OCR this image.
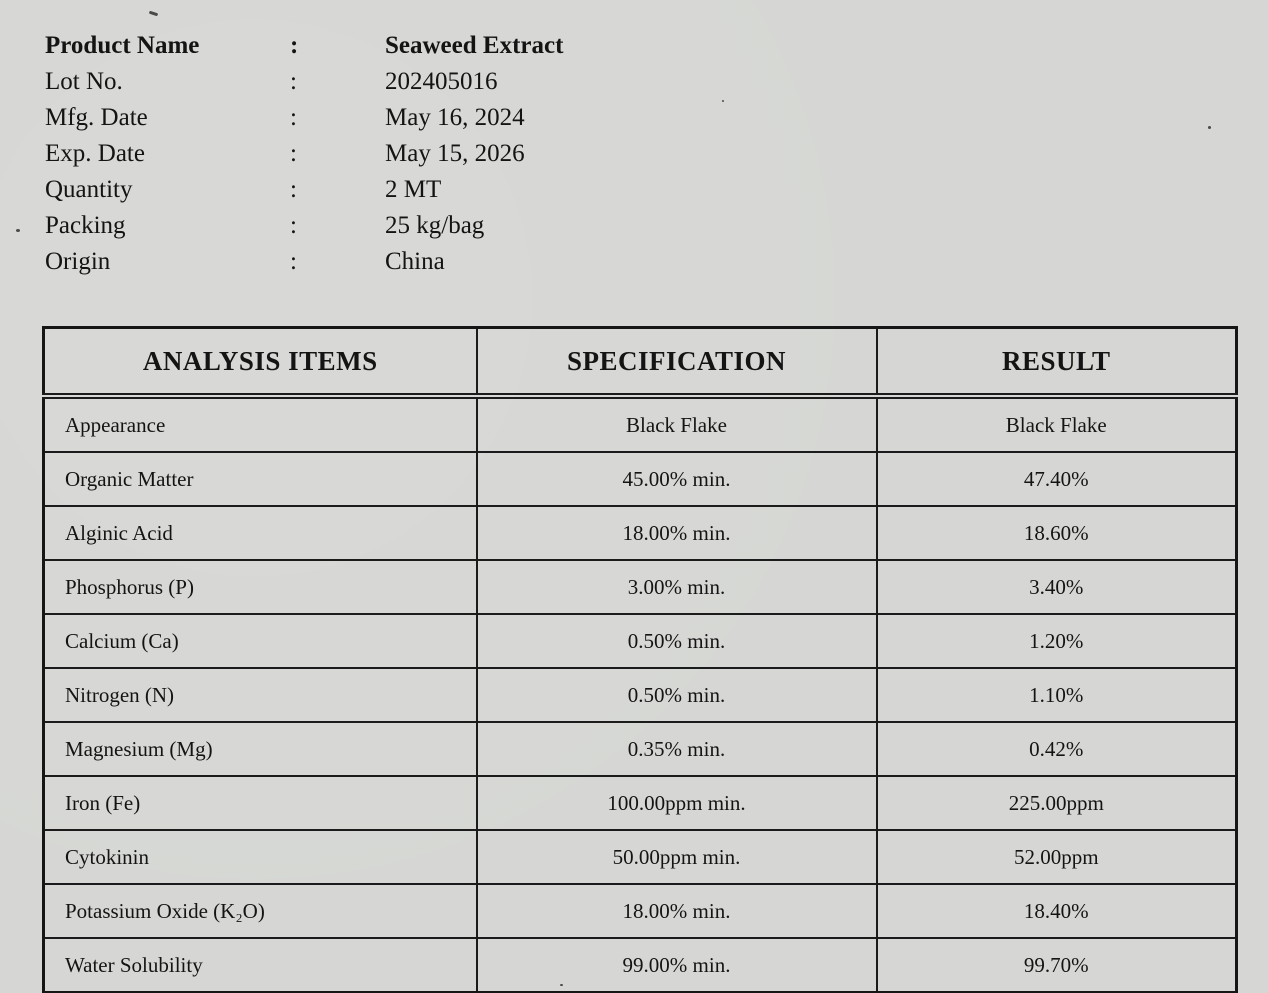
Product Name	:	Seaweed Extract
Lot No.	:	202405016
Mfg. Date	:	May 16, 2024
Exp. Date	:	May 15, 2026
Quantity	:	2 MT
Packing	:	25 kg/bag
Origin	:	China
ANALYSIS ITEMS	SPECIFICATION	RESULT
Appearance	Black Flake	Black Flake
Organic Matter	45.00% min.	47.40%
Alginic Acid	18.00% min.	18.60%
Phosphorus (P)	3.00% min.	3.40%
Calcium (Ca)	0.50% min.	1.20%
Nitrogen (N)	0.50% min.	1.10%
Magnesium (Mg)	0.35% min.	0.42%
Iron (Fe)	100.00ppm min.	225.00ppm
Cytokinin	50.00ppm min.	52.00ppm
Potassium Oxide (K₂O)	18.00% min.	18.40%
Water Solubility	99.00% min.	99.70%
